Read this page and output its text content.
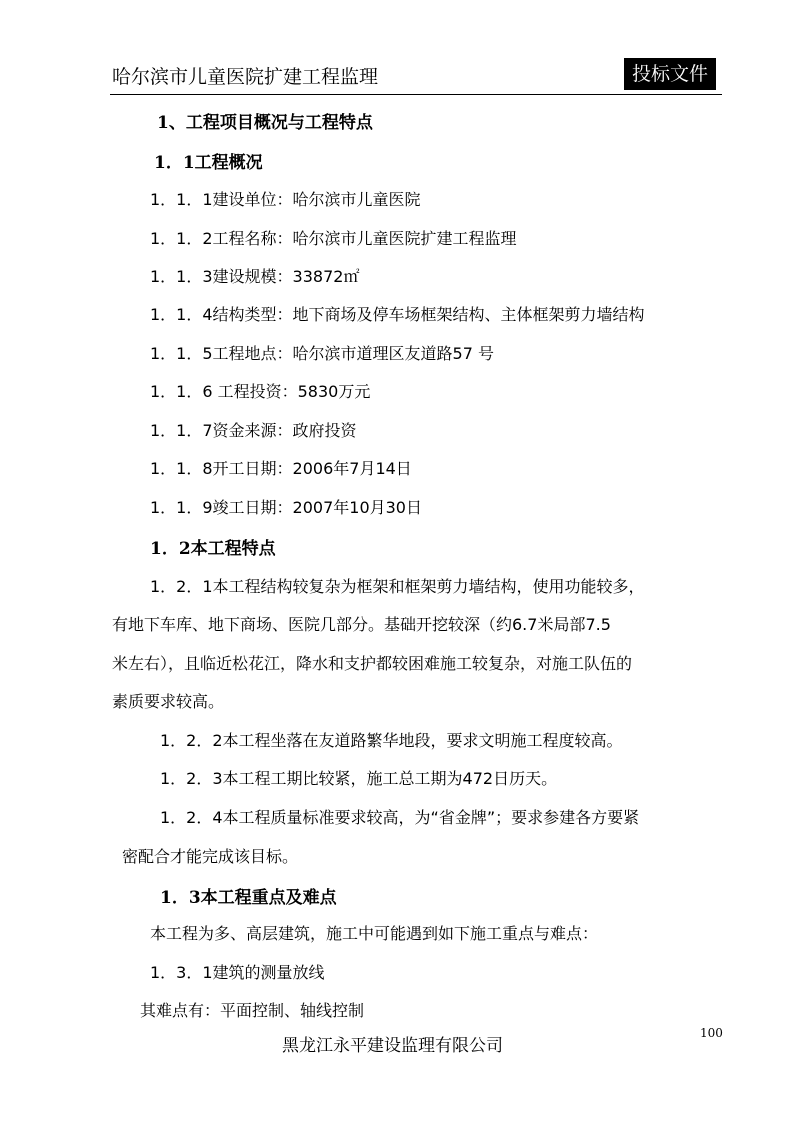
哈尔滨市儿童医院扩建工程监理	投标文件
1、工程项目概况与工程特点
1．1工程概况
1．1．1建设单位：哈尔滨市儿童医院
1．1．2工程名称：哈尔滨市儿童医院扩建工程监理
1．1．3建设规模：33872㎡
1．1．4结构类型：地下商场及停车场框架结构、主体框架剪力墙结构
1．1．5工程地点：哈尔滨市道理区友道路57 号
1．1．6 工程投资：5830万元
1．1．7资金来源：政府投资
1．1．8开工日期：2006年7月14日
1．1．9竣工日期：2007年10月30日
1．2本工程特点
1．2．1本工程结构较复杂为框架和框架剪力墙结构，使用功能较多，
有地下车库、地下商场、医院几部分。基础开挖较深（约6.7米局部7.5
米左右），且临近松花江，降水和支护都较困难施工较复杂，对施工队伍的
素质要求较高。
1．2．2本工程坐落在友道路繁华地段，要求文明施工程度较高。
1．2．3本工程工期比较紧，施工总工期为472日历天。
1．2．4本工程质量标准要求较高，为“省金牌”；要求参建各方要紧
密配合才能完成该目标。
1．3本工程重点及难点
本工程为多、高层建筑，施工中可能遇到如下施工重点与难点：
1．3．1建筑的测量放线
其难点有：平面控制、轴线控制
100
黑龙江永平建设监理有限公司
